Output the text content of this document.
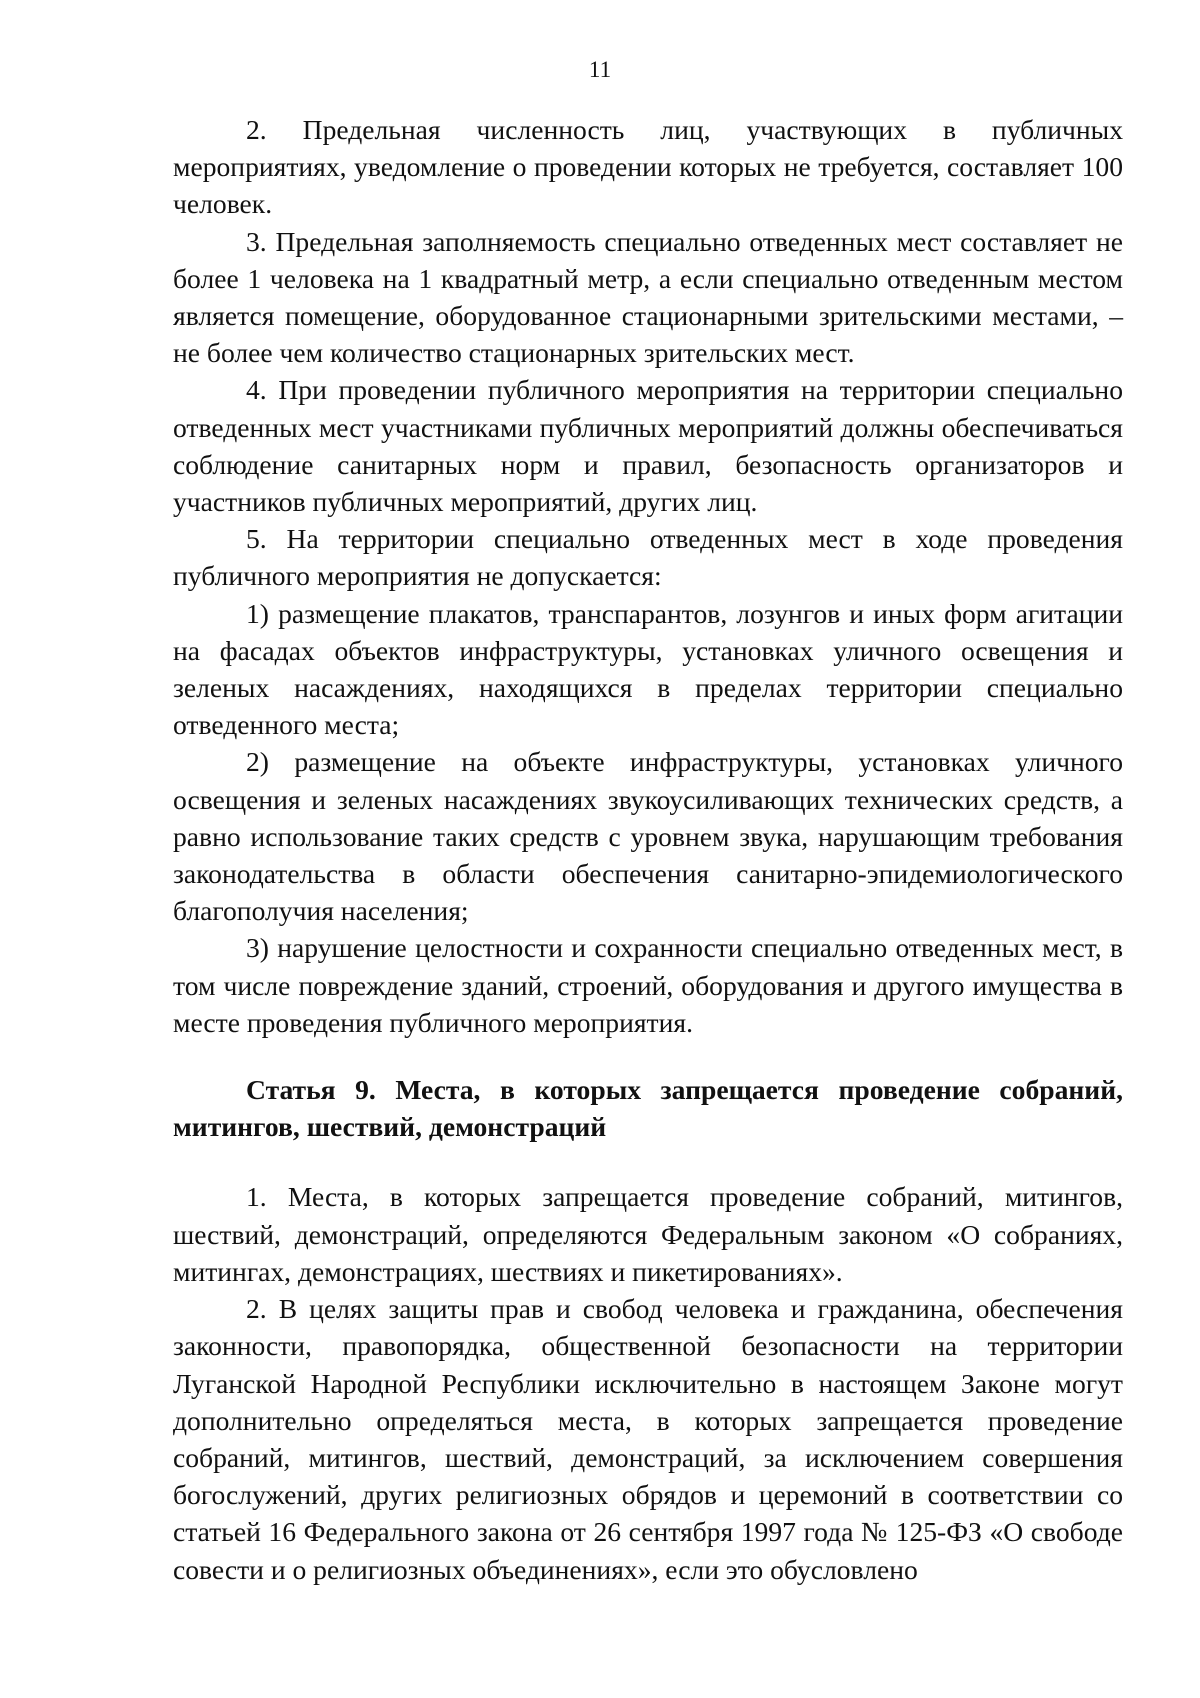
11

2. Предельная численность лиц, участвующих в публичных мероприятиях, уведомление о проведении которых не требуется, составляет 100 человек.

3. Предельная заполняемость специально отведенных мест составляет не более 1 человека на 1 квадратный метр, а если специально отведенным местом является помещение, оборудованное стационарными зрительскими местами, – не более чем количество стационарных зрительских мест.

4. При проведении публичного мероприятия на территории специально отведенных мест участниками публичных мероприятий должны обеспечиваться соблюдение санитарных норм и правил, безопасность организаторов и участников публичных мероприятий, других лиц.

5. На территории специально отведенных мест в ходе проведения публичного мероприятия не допускается:

1) размещение плакатов, транспарантов, лозунгов и иных форм агитации на фасадах объектов инфраструктуры, установках уличного освещения и зеленых насаждениях, находящихся в пределах территории специально отведенного места;

2) размещение на объекте инфраструктуры, установках уличного освещения и зеленых насаждениях звукоусиливающих технических средств, а равно использование таких средств с уровнем звука, нарушающим требования законодательства в области обеспечения санитарно-эпидемиологического благополучия населения;

3) нарушение целостности и сохранности специально отведенных мест, в том числе повреждение зданий, строений, оборудования и другого имущества в месте проведения публичного мероприятия.

Статья 9. Места, в которых запрещается проведение собраний, митингов, шествий, демонстраций

1. Места, в которых запрещается проведение собраний, митингов, шествий, демонстраций, определяются Федеральным законом «О собраниях, митингах, демонстрациях, шествиях и пикетированиях».

2. В целях защиты прав и свобод человека и гражданина, обеспечения законности, правопорядка, общественной безопасности на территории Луганской Народной Республики исключительно в настоящем Законе могут дополнительно определяться места, в которых запрещается проведение собраний, митингов, шествий, демонстраций, за исключением совершения богослужений, других религиозных обрядов и церемоний в соответствии со статьей 16 Федерального закона от 26 сентября 1997 года № 125-ФЗ «О свободе совести и о религиозных объединениях», если это обусловлено
